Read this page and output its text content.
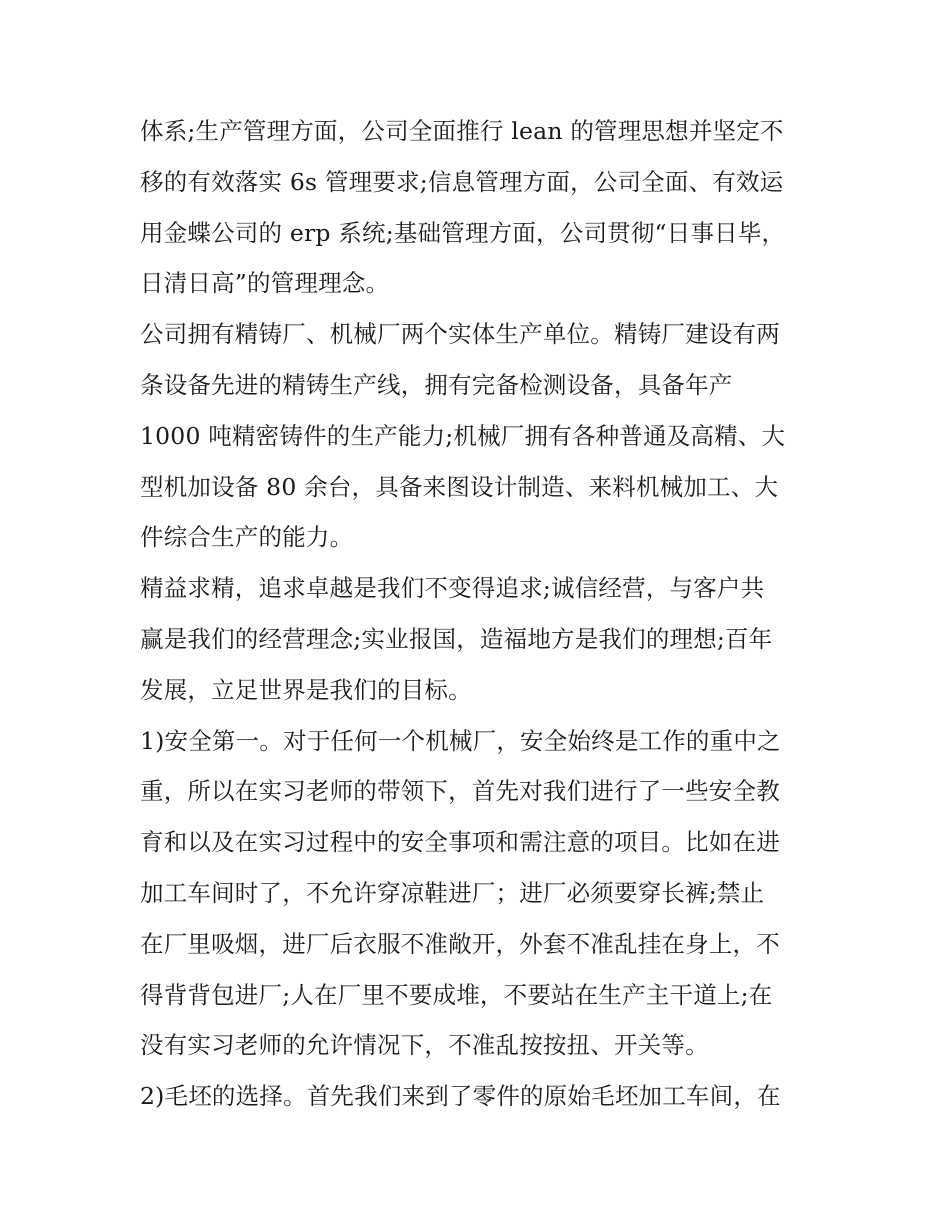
体系;生产管理方面，公司全面推行 lean 的管理思想并坚定不
移的有效落实 6s 管理要求;信息管理方面，公司全面、有效运
用金蝶公司的 erp 系统;基础管理方面，公司贯彻“日事日毕，
日清日高”的管理理念。
公司拥有精铸厂、机械厂两个实体生产单位。精铸厂建设有两
条设备先进的精铸生产线，拥有完备检测设备，具备年产
1000 吨精密铸件的生产能力;机械厂拥有各种普通及高精、大
型机加设备 80 余台，具备来图设计制造、来料机械加工、大
件综合生产的能力。
精益求精，追求卓越是我们不变得追求;诚信经营，与客户共
赢是我们的经营理念;实业报国，造福地方是我们的理想;百年
发展，立足世界是我们的目标。
1)安全第一。对于任何一个机械厂，安全始终是工作的重中之
重，所以在实习老师的带领下，首先对我们进行了一些安全教
育和以及在实习过程中的安全事项和需注意的项目。比如在进
加工车间时了，不允许穿凉鞋进厂；进厂必须要穿长裤;禁止
在厂里吸烟，进厂后衣服不准敞开，外套不准乱挂在身上，不
得背背包进厂;人在厂里不要成堆，不要站在生产主干道上;在
没有实习老师的允许情况下，不准乱按按扭、开关等。
2)毛坯的选择。首先我们来到了零件的原始毛坯加工车间，在
